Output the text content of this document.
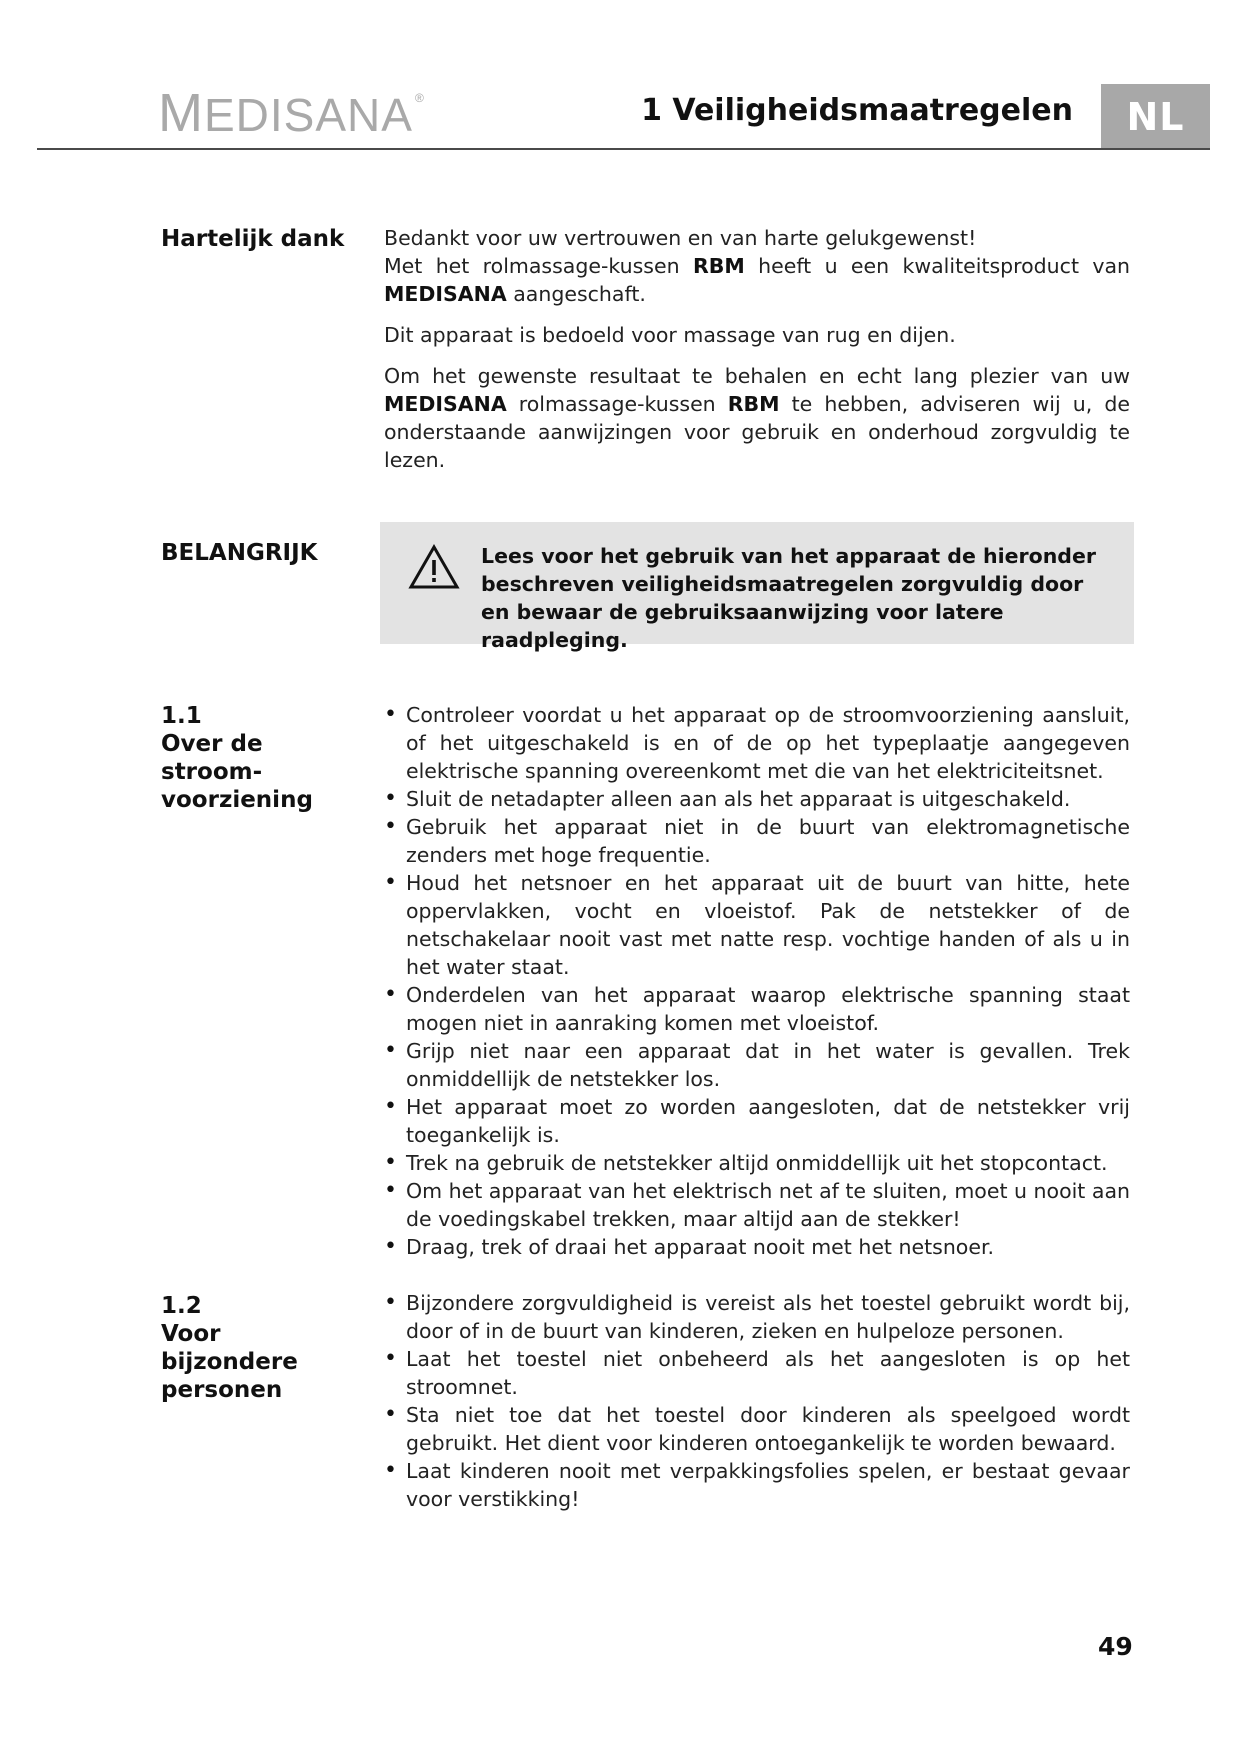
MEDISANA ®	1 Veiligheidsmaatregelen	NL
Hartelijk dank	Bedankt voor uw vertrouwen en van harte gelukgewenst!
Met het rolmassage-kussen RBM heeft u een kwaliteitsproduct van MEDISANA aangeschaft.

Dit apparaat is bedoeld voor massage van rug en dijen.

Om het gewenste resultaat te behalen en echt lang plezier van uw MEDISANA rolmassage-kussen RBM te hebben, adviseren wij u, de onderstaande aanwijzingen voor gebruik en onderhoud zorgvuldig te lezen.

BELANGRIJK	Lees voor het gebruik van het apparaat de hieronder beschreven veiligheidsmaatregelen zorgvuldig door en bewaar de gebruiksaanwijzing voor latere raadpleging.
1.1
Over de stroom-
voorziening
• Controleer voordat u het apparaat op de stroomvoorziening aansluit, of het uitgeschakeld is en of de op het typeplaatje aangegeven elektrische spanning overeenkomt met die van het elektriciteitsnet.
• Sluit de netadapter alleen aan als het apparaat is uitgeschakeld.
• Gebruik het apparaat niet in de buurt van elektromagnetische zenders met hoge frequentie.
• Houd het netsnoer en het apparaat uit de buurt van hitte, hete oppervlakken, vocht en vloeistof. Pak de netstekker of de netschakelaar nooit vast met natte resp. vochtige handen of als u in het water staat.
• Onderdelen van het apparaat waarop elektrische spanning staat mogen niet in aanraking komen met vloeistof.
• Grijp niet naar een apparaat dat in het water is gevallen. Trek onmiddellijk de netstekker los.
• Het apparaat moet zo worden aangesloten, dat de netstekker vrij toegankelijk is.
• Trek na gebruik de netstekker altijd onmiddellijk uit het stopcontact.
• Om het apparaat van het elektrisch net af te sluiten, moet u nooit aan de voedingskabel trekken, maar altijd aan de stekker!
• Draag, trek of draai het apparaat nooit met het netsnoer.
1.2
Voor bijzondere
personen
• Bijzondere zorgvuldigheid is vereist als het toestel gebruikt wordt bij, door of in de buurt van kinderen, zieken en hulpeloze personen.
• Laat het toestel niet onbeheerd als het aangesloten is op het stroomnet.
• Sta niet toe dat het toestel door kinderen als speelgoed wordt gebruikt. Het dient voor kinderen ontoegankelijk te worden bewaard.
• Laat kinderen nooit met verpakkingsfolies spelen, er bestaat gevaar voor verstikking!
49
